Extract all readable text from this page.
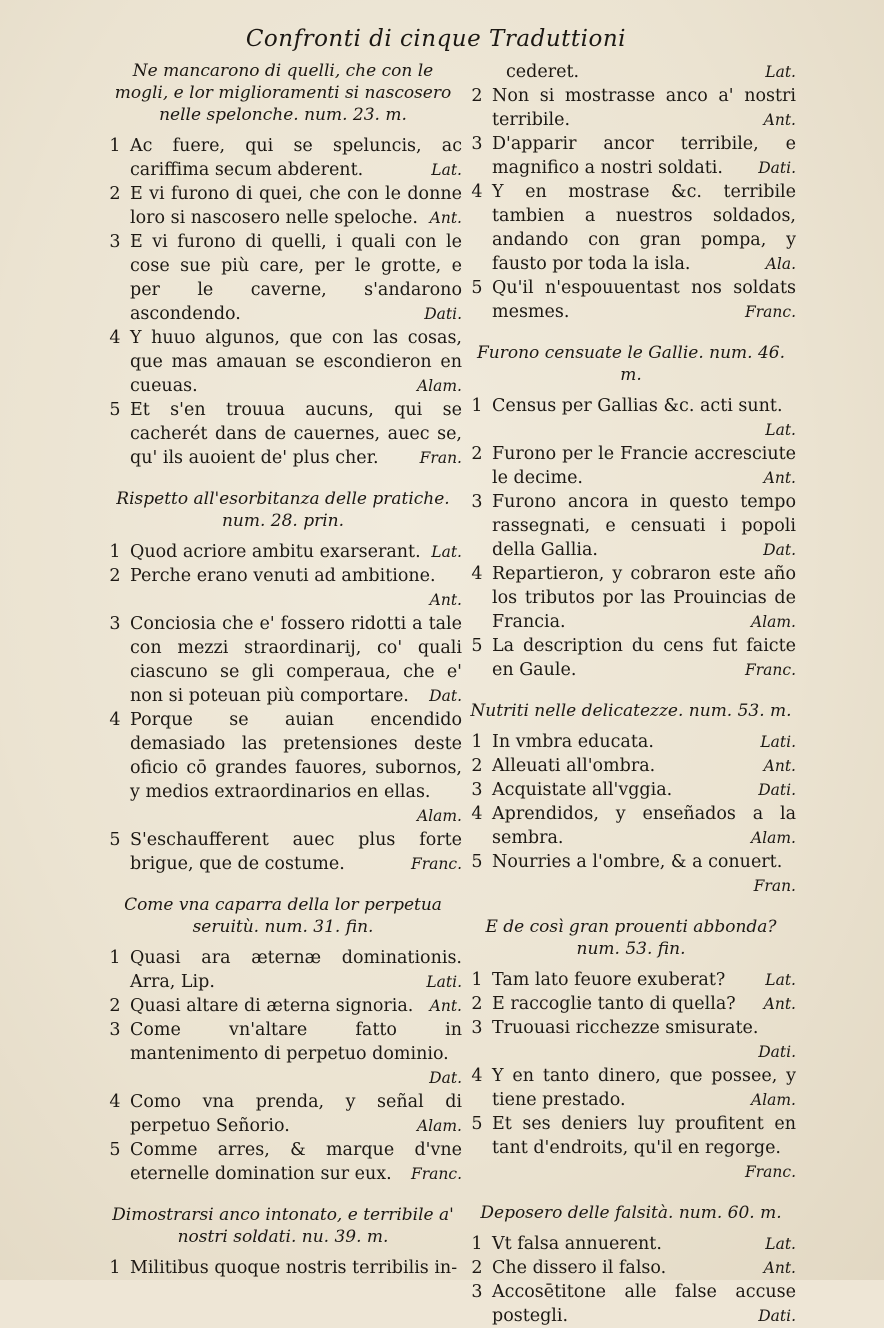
Confronti di cinque Traduttioni
Ne mancarono di quelli, che con le mogli, e lor miglioramenti si nascosero nelle spelonche. num. 23. m.
1 Ac fuere, qui se speluncis, ac cariffima secum abderent.	Lat.
2 E vi furono di quei, che con le donne loro si nascosero nelle speloche. Ant.
3 E vi furono di quelli, i quali con le cose sue più care, per le grotte, e per le caverne, s'andarono ascondendo.	Dati.
4 Y huuo algunos, que con las cosas, que mas amauan se escondieron en cueuas.	Alam.
5 Et s'en trouua aucuns, qui se cacherét dans de cauernes, auec se, qu' ils auoient de' plus cher.	Fran.
Rispetto all'esorbitanza delle pratiche. num. 28. prin.
1 Quod acriore ambitu exarserant. Lat.
2 Perche erano venuti ad ambitione.
Ant.
3 Conciosia che e' fossero ridotti a tale con mezzi straordinarij, co' quali ciascuno se gli comperaua, che e' non si poteuan più comportare.	Dat.
4 Porque se auian encendido demasiado las pretensiones deste oficio cō grandes fauores, subornos, y medios extraordinarios en ellas.
Alam.
5 S'eschaufferent auec plus forte brigue, que de costume.	Franc.
Come vna caparra della lor perpetua seruitù. num. 31. fin.
1 Quasi ara æternæ dominationis. Arra, Lip.	Lati.
2 Quasi altare di æterna signoria.	Ant.
3 Come vn'altare fatto in mantenimento di perpetuo dominio.
Dat.
4 Como vna prenda, y señal di perpetuo Señorio.	Alam.
5 Comme arres, & marque d'vne eternelle domination sur eux.	Franc.
Dimostrarsi anco intonato, e terribile a' nostri soldati. nu. 39. m.
1 Militibus quoque nostris terribilis in-
Lat.
cederet.
2 Non si mostrasse anco a' nostri terribile.	Ant.
3 D'apparir ancor terribile, e magnifico a nostri soldati.	Dati.
4 Y en mostrase &c. terribile tambien a nuestros soldados, andando con gran pompa, y fausto por toda la isla.	Ala.
5 Qu'il n'espouuentast nos soldats mesmes.	Franc.
Furono censuate le Gallie. num. 46. m.
1 Census per Gallias &c. acti sunt.
Lat.
2 Furono per le Francie accresciute le decime.	Ant.
3 Furono ancora in questo tempo rassegnati, e censuati i popoli della Gallia.	Dat.
4 Repartieron, y cobraron este año los tributos por las Prouincias de Francia.	Alam.
5 La description du cens fut faicte en Gaule.	Franc.
Nutriti nelle delicatezze. num. 53. m.
1 In vmbra educata.	Lati.
2 Alleuati all'ombra.	Ant.
3 Acquistate all'vggia.	Dati.
4 Aprendidos, y enseñados a la sembra.	Alam.
5 Nourries a l'ombre, & a conuert.
Fran.
E de così gran prouenti abbonda? num. 53. fin.
1 Tam lato feuore exuberat?	Lat.
2 E raccoglie tanto di quella?	Ant.
3 Truouasi ricchezze smisurate.
Dati.
4 Y en tanto dinero, que possee, y tiene prestado.	Alam.
5 Et ses deniers luy proufitent en tant d'endroits, qu'il en regorge.
Franc.
Deposero delle falsità. num. 60. m.
1 Vt falsa annuerent.	Lat.
2 Che dissero il falso.	Ant.
3 Accosētitone alle false accuse postegli.	Dati.
